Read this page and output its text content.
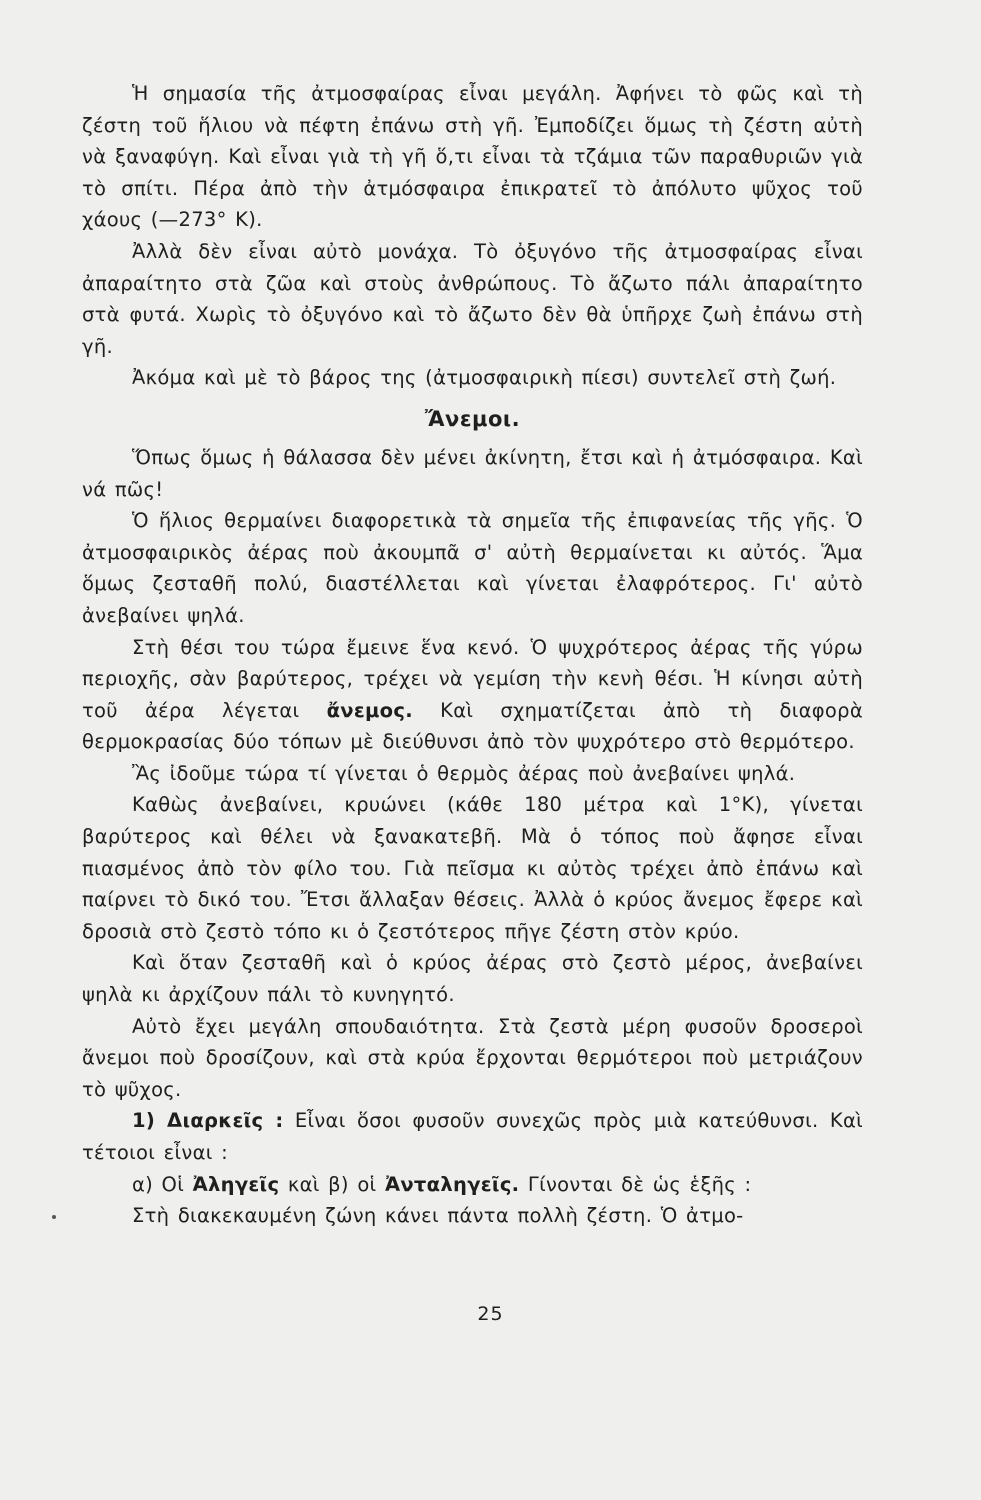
Ἡ σημασία τῆς ἀτμοσφαίρας εἶναι μεγάλη. Ἀφήνει τὸ φῶς καὶ τὴ ζέστη τοῦ ἥλιου νὰ πέφτη ἐπάνω στὴ γῆ. Ἐμποδίζει ὅμως τὴ ζέστη αὐτὴ νὰ ξαναφύγη. Καὶ εἶναι γιὰ τὴ γῆ ὅ,τι εἶναι τὰ τζάμια τῶν παραθυριῶν γιὰ τὸ σπίτι. Πέρα ἀπὸ τὴν ἀτμόσφαιρα ἐπικρατεῖ τὸ ἀπόλυτο ψῦχος τοῦ χάους (—273° Κ).

Ἀλλὰ δὲν εἶναι αὐτὸ μονάχα. Τὸ ὀξυγόνο τῆς ἀτμοσφαίρας εἶναι ἀπαραίτητο στὰ ζῶα καὶ στοὺς ἀνθρώπους. Τὸ ἄζωτο πάλι ἀπαραίτητο στὰ φυτά. Χωρὶς τὸ ὀξυγόνο καὶ τὸ ἄζωτο δὲν θὰ ὑπῆρχε ζωὴ ἐπάνω στὴ γῆ.

Ἀκόμα καὶ μὲ τὸ βάρος της (ἀτμοσφαιρικὴ πίεσι) συντελεῖ στὴ ζωή.

Ἄνεμοι.

Ὅπως ὅμως ἡ θάλασσα δὲν μένει ἀκίνητη, ἔτσι καὶ ἡ ἀτμόσφαιρα. Καὶ νά πῶς!

Ὁ ἥλιος θερμαίνει διαφορετικὰ τὰ σημεῖα τῆς ἐπιφανείας τῆς γῆς. Ὁ ἀτμοσφαιρικὸς ἀέρας ποὺ ἀκουμπᾶ σ' αὐτὴ θερμαίνεται κι αὐτός. Ἅμα ὅμως ζεσταθῆ πολύ, διαστέλλεται καὶ γίνεται ἐλαφρότερος. Γι' αὐτὸ ἀνεβαίνει ψηλά.

Στὴ θέσι του τώρα ἔμεινε ἕνα κενό. Ὁ ψυχρότερος ἀέρας τῆς γύρω περιοχῆς, σὰν βαρύτερος, τρέχει νὰ γεμίση τὴν κενὴ θέσι. Ἡ κίνησι αὐτὴ τοῦ ἀέρα λέγεται ἄνεμος. Καὶ σχηματίζεται ἀπὸ τὴ διαφορὰ θερμοκρασίας δύο τόπων μὲ διεύθυνσι ἀπὸ τὸν ψυχρότερο στὸ θερμότερο.

Ἂς ἰδοῦμε τώρα τί γίνεται ὁ θερμὸς ἀέρας ποὺ ἀνεβαίνει ψηλά.

Καθὼς ἀνεβαίνει, κρυώνει (κάθε 180 μέτρα καὶ 1°Κ), γίνεται βαρύτερος καὶ θέλει νὰ ξανακατεβῆ. Μὰ ὁ τόπος ποὺ ἄφησε εἶναι πιασμένος ἀπὸ τὸν φίλο του. Γιὰ πεῖσμα κι αὐτὸς τρέχει ἀπὸ ἐπάνω καὶ παίρνει τὸ δικό του. Ἔτσι ἄλλαξαν θέσεις. Ἀλλὰ ὁ κρύος ἄνεμος ἔφερε καὶ δροσιὰ στὸ ζεστὸ τόπο κι ὁ ζεστότερος πῆγε ζέστη στὸν κρύο.

Καὶ ὅταν ζεσταθῆ καὶ ὁ κρύος ἀέρας στὸ ζεστὸ μέρος, ἀνεβαίνει ψηλὰ κι ἀρχίζουν πάλι τὸ κυνηγητό.

Αὐτὸ ἔχει μεγάλη σπουδαιότητα. Στὰ ζεστὰ μέρη φυσοῦν δροσεροὶ ἄνεμοι ποὺ δροσίζουν, καὶ στὰ κρύα ἔρχονται θερμότεροι ποὺ μετριάζουν τὸ ψῦχος.

1) Διαρκεῖς : Εἶναι ὅσοι φυσοῦν συνεχῶς πρὸς μιὰ κατεύθυνσι. Καὶ τέτοιοι εἶναι :

α) Οἱ Ἀληγεῖς καὶ β) οἱ Ἀνταληγεῖς. Γίνονται δὲ ὡς ἑξῆς :

Στὴ διακεκαυμένη ζώνη κάνει πάντα πολλὴ ζέστη. Ὁ ἀτμο-

25
